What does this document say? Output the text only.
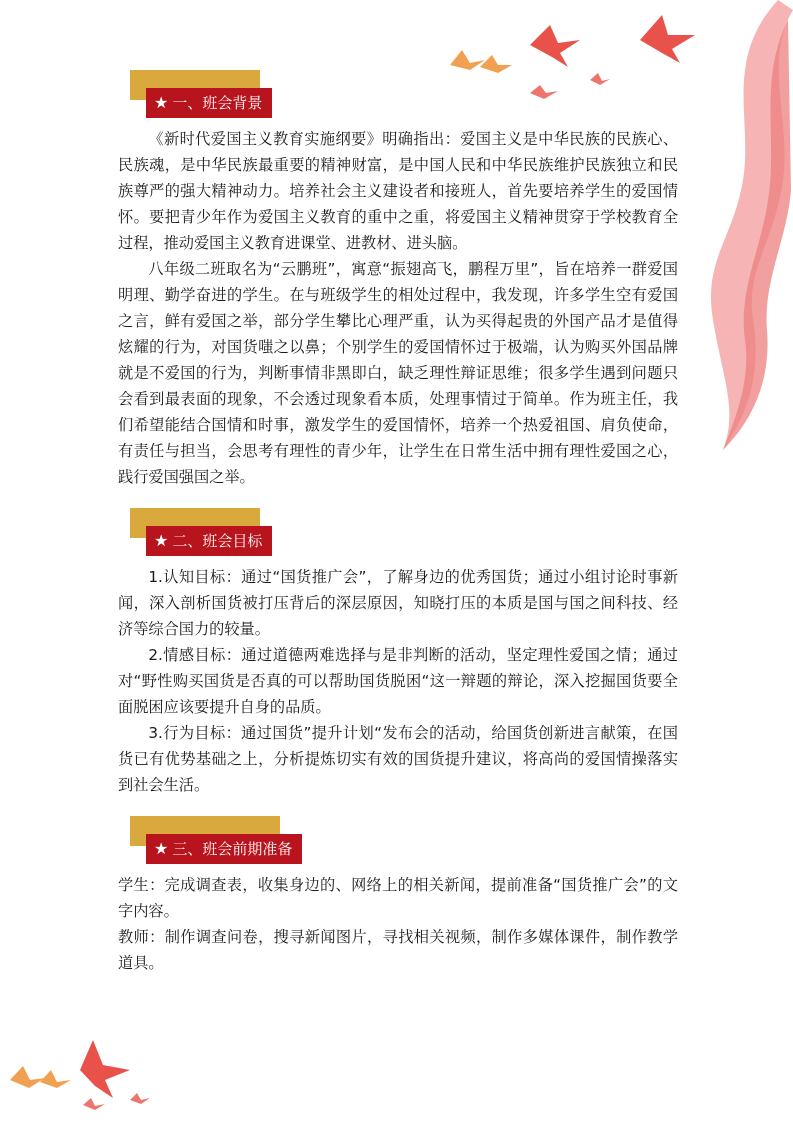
★ 一、班会背景

《新时代爱国主义教育实施纲要》明确指出：爱国主义是中华民族的民族心、民族魂，是中华民族最重要的精神财富，是中国人民和中华民族维护民族独立和民族尊严的强大精神动力。培养社会主义建设者和接班人，首先要培养学生的爱国情怀。要把青少年作为爱国主义教育的重中之重，将爱国主义精神贯穿于学校教育全过程，推动爱国主义教育进课堂、进教材、进头脑。

八年级二班取名为“云鹏班”，寓意“振翅高飞，鹏程万里”，旨在培养一群爱国明理、勤学奋进的学生。在与班级学生的相处过程中，我发现，许多学生空有爱国之言，鲜有爱国之举，部分学生攀比心理严重，认为买得起贵的外国产品才是值得炫耀的行为，对国货嗤之以鼻；个别学生的爱国情怀过于极端，认为购买外国品牌就是不爱国的行为，判断事情非黑即白，缺乏理性辩证思维；很多学生遇到问题只会看到最表面的现象，不会透过现象看本质，处理事情过于简单。作为班主任，我们希望能结合国情和时事，激发学生的爱国情怀，培养一个热爱祖国、肩负使命，有责任与担当，会思考有理性的青少年，让学生在日常生活中拥有理性爱国之心，践行爱国强国之举。

★ 二、班会目标

1.认知目标：通过“国货推广会”，了解身边的优秀国货；通过小组讨论时事新闻，深入剖析国货被打压背后的深层原因，知晓打压的本质是国与国之间科技、经济等综合国力的较量。

2.情感目标：通过道德两难选择与是非判断的活动，坚定理性爱国之情；通过对“野性购买国货是否真的可以帮助国货脱困“这一辩题的辩论，深入挖掘国货要全面脱困应该要提升自身的品质。

3.行为目标：通过国货”提升计划“发布会的活动，给国货创新进言献策，在国货已有优势基础之上，分析提炼切实有效的国货提升建议，将高尚的爱国情操落实到社会生活。

★ 三、班会前期准备

学生：完成调查表，收集身边的、网络上的相关新闻，提前准备“国货推广会”的文字内容。

教师：制作调查问卷，搜寻新闻图片，寻找相关视频，制作多媒体课件，制作教学道具。
